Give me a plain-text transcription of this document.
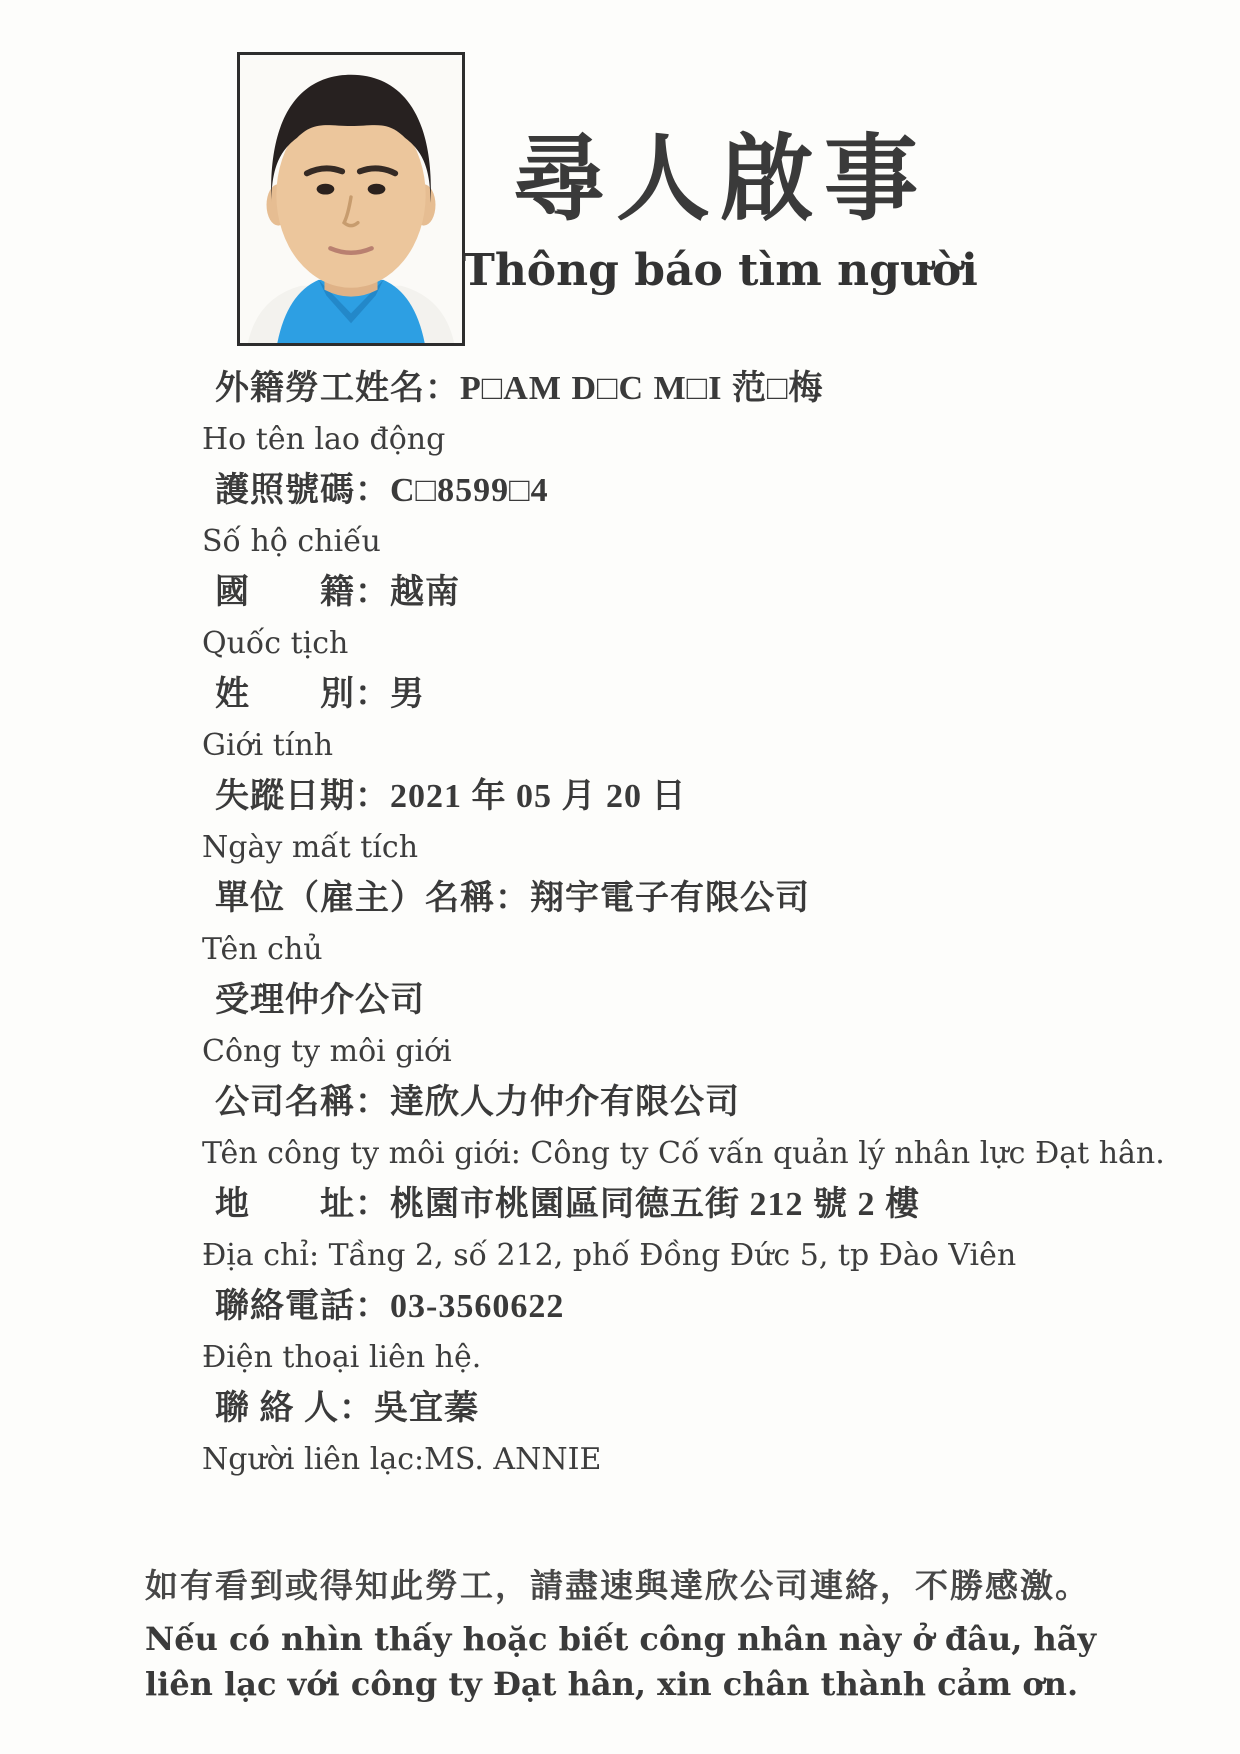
尋人啟事
Thông báo tìm người
外籍勞工姓名：P□AM D□C M□I 范□梅
Ho tên lao động
護照號碼：C□8599□4
Số hộ chiếu
國　　籍：越南
Quốc tịch
姓　　別：男
Giới tính
失蹤日期：2021 年 05 月 20 日
Ngày mất tích
單位（雇主）名稱：翔宇電子有限公司
Tên chủ
受理仲介公司
Công ty môi giới
公司名稱：達欣人力仲介有限公司
Tên công ty môi giới: Công ty Cố vấn quản lý nhân lực Đạt hân.
地　　址：桃園市桃園區同德五街 212 號 2 樓
Địa chỉ: Tầng 2, số 212, phố Đồng Đức 5, tp Đào Viên
聯絡電話：03-3560622
Điện thoại liên hệ.
聯 絡 人：吳宜蓁
Người liên lạc:MS. ANNIE
如有看到或得知此勞工，請盡速與達欣公司連絡，不勝感激。
Nếu có nhìn thấy hoặc biết công nhân này ở đâu, hãy liên lạc với công ty Đạt hân, xin chân thành cảm ơn.
